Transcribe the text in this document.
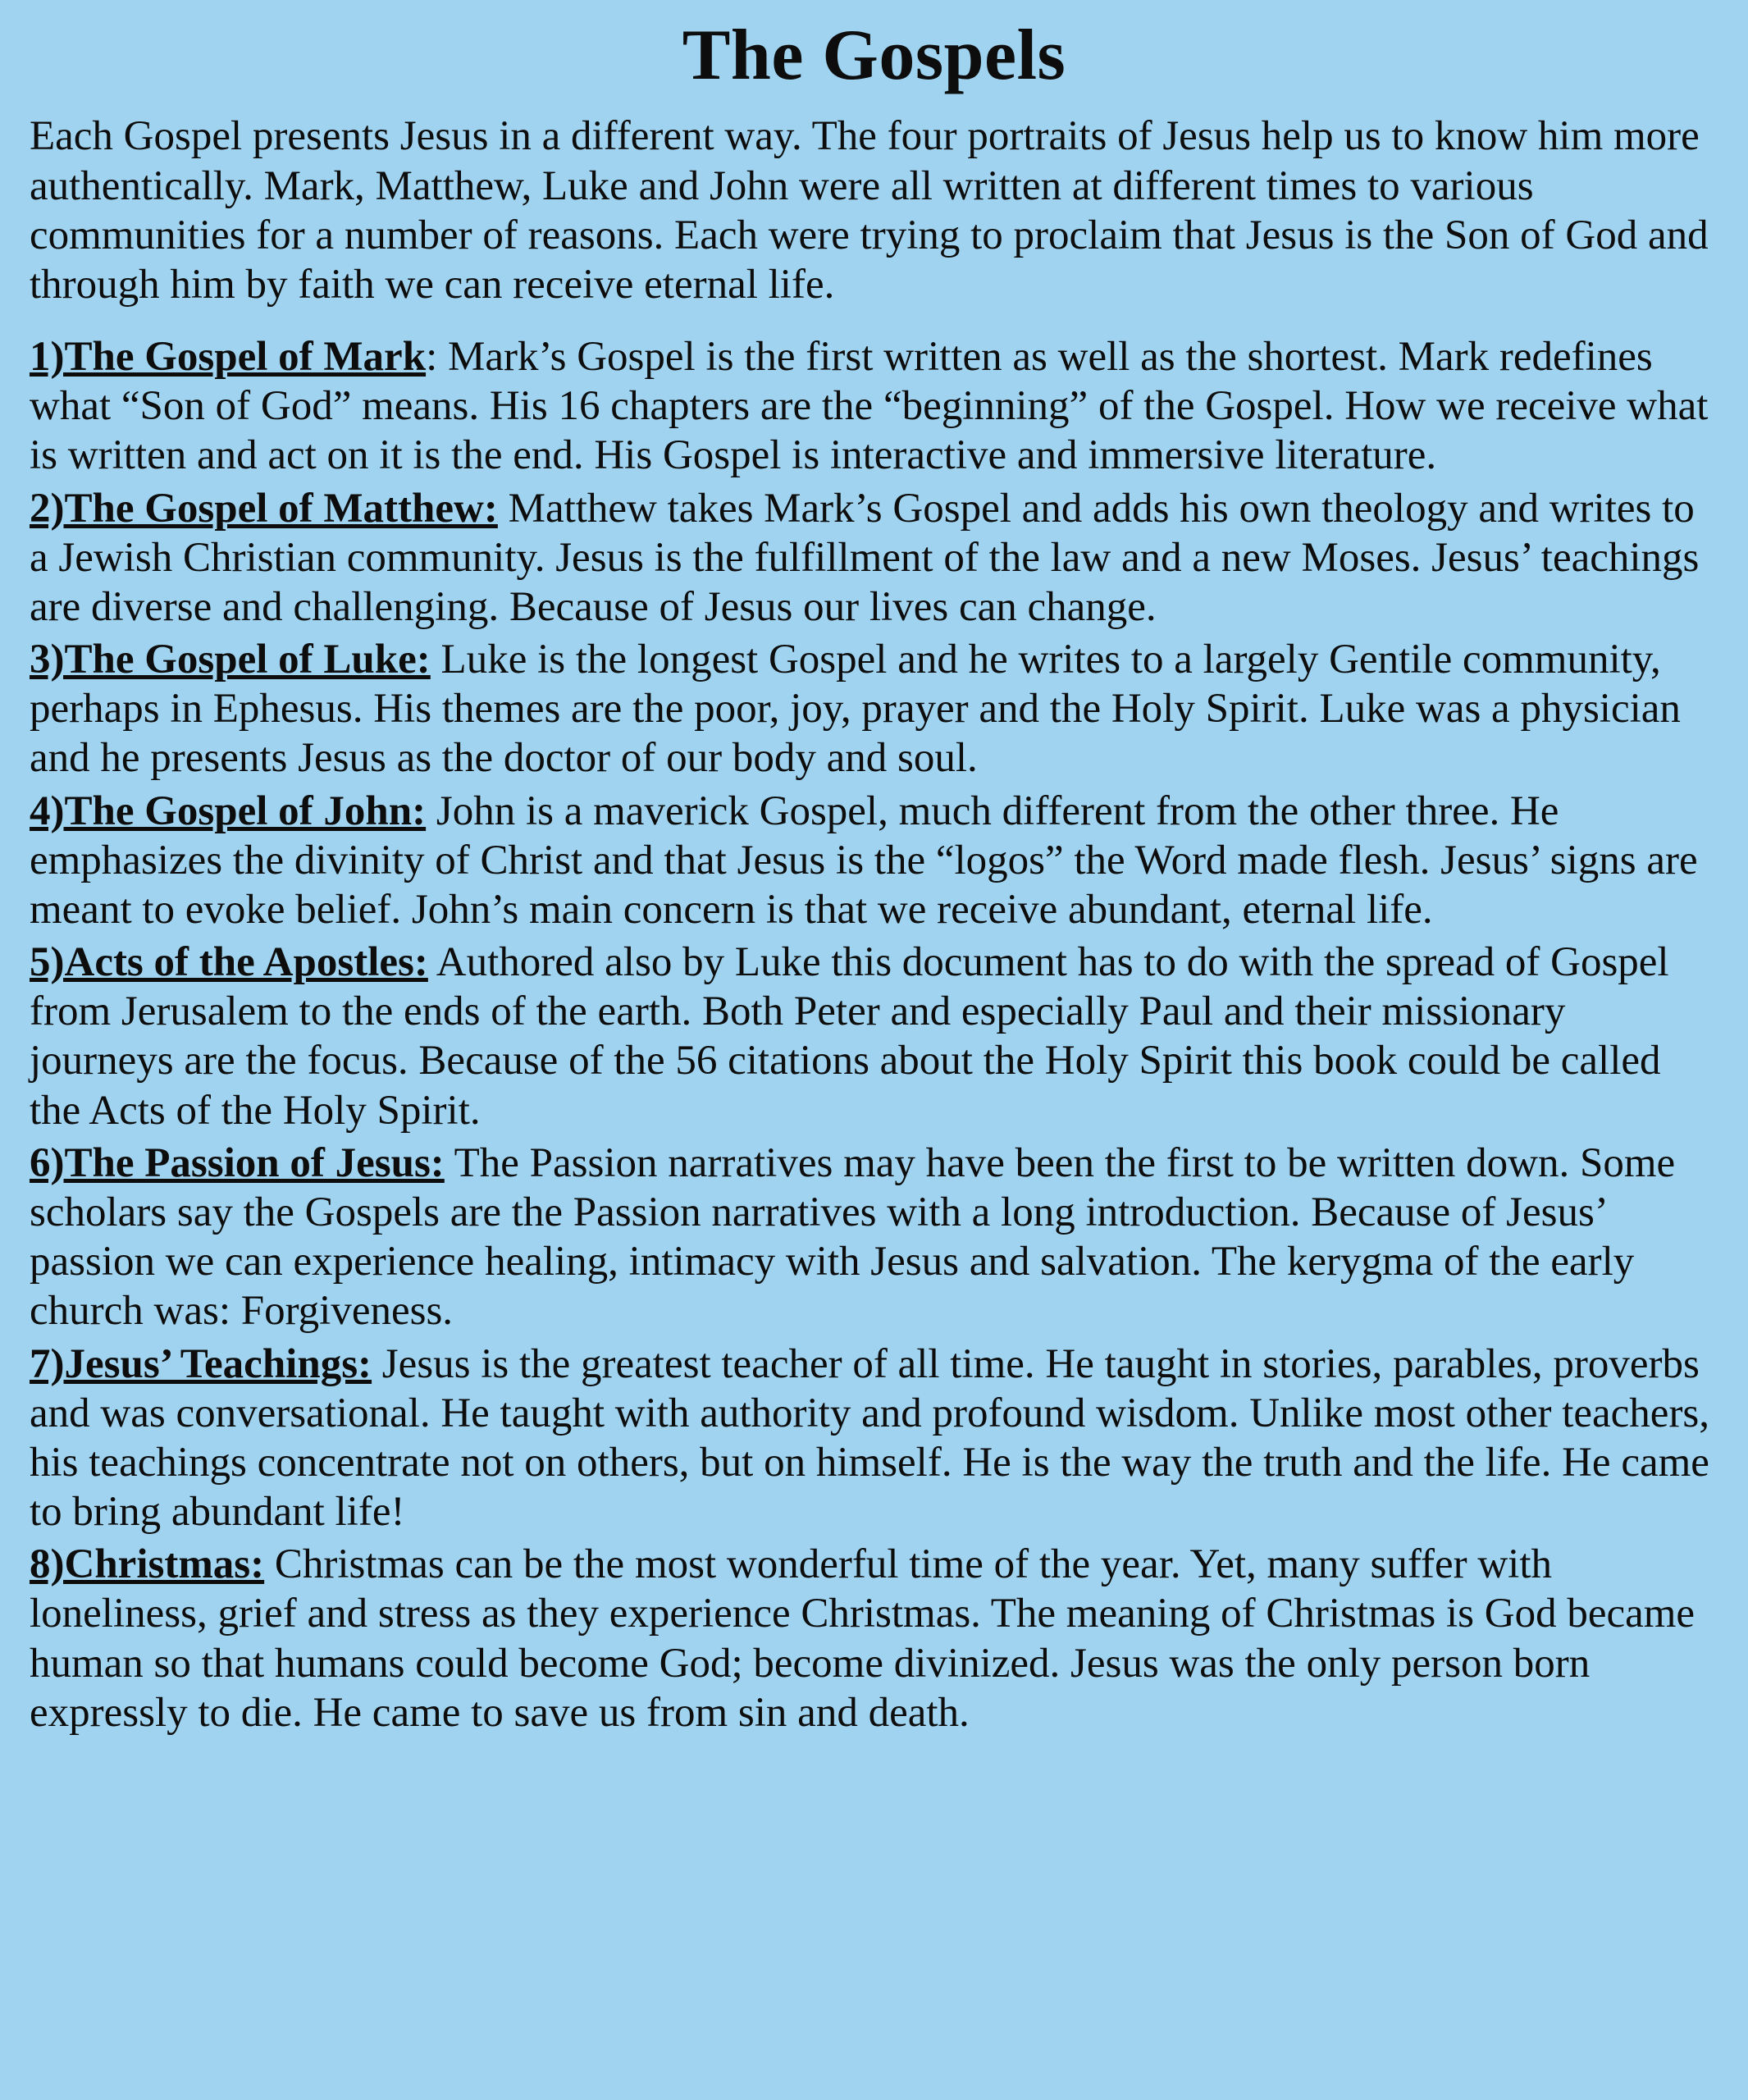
The Gospels

Each Gospel presents Jesus in a different way. The four portraits of Jesus help us to know him more authentically. Mark, Matthew, Luke and John were all written at different times to various communities for a number of reasons. Each were trying to proclaim that Jesus is the Son of God and through him by faith we can receive eternal life.

1)The Gospel of Mark: Mark’s Gospel is the first written as well as the shortest. Mark redefines what “Son of God” means. His 16 chapters are the “beginning” of the Gospel. How we receive what is written and act on it is the end. His Gospel is interactive and immersive literature.

2)The Gospel of Matthew: Matthew takes Mark’s Gospel and adds his own theology and writes to a Jewish Christian community. Jesus is the fulfillment of the law and a new Moses. Jesus’ teachings are diverse and challenging. Because of Jesus our lives can change.

3)The Gospel of Luke: Luke is the longest Gospel and he writes to a largely Gentile community, perhaps in Ephesus. His themes are the poor, joy, prayer and the Holy Spirit. Luke was a physician and he presents Jesus as the doctor of our body and soul.

4)The Gospel of John: John is a maverick Gospel, much different from the other three. He emphasizes the divinity of Christ and that Jesus is the “logos” the Word made flesh. Jesus’ signs are meant to evoke belief. John’s main concern is that we receive abundant, eternal life.

5)Acts of the Apostles: Authored also by Luke this document has to do with the spread of Gospel from Jerusalem to the ends of the earth. Both Peter and especially Paul and their missionary journeys are the focus. Because of the 56 citations about the Holy Spirit this book could be called the Acts of the Holy Spirit.

6)The Passion of Jesus: The Passion narratives may have been the first to be written down. Some scholars say the Gospels are the Passion narratives with a long introduction. Because of Jesus’ passion we can experience healing, intimacy with Jesus and salvation. The kerygma of the early church was: Forgiveness.

7)Jesus’ Teachings: Jesus is the greatest teacher of all time. He taught in stories, parables, proverbs and was conversational. He taught with authority and profound wisdom. Unlike most other teachers, his teachings concentrate not on others, but on himself. He is the way the truth and the life. He came to bring abundant life!

8)Christmas: Christmas can be the most wonderful time of the year. Yet, many suffer with loneliness, grief and stress as they experience Christmas. The meaning of Christmas is God became human so that humans could become God; become divinized. Jesus was the only person born expressly to die. He came to save us from sin and death.
